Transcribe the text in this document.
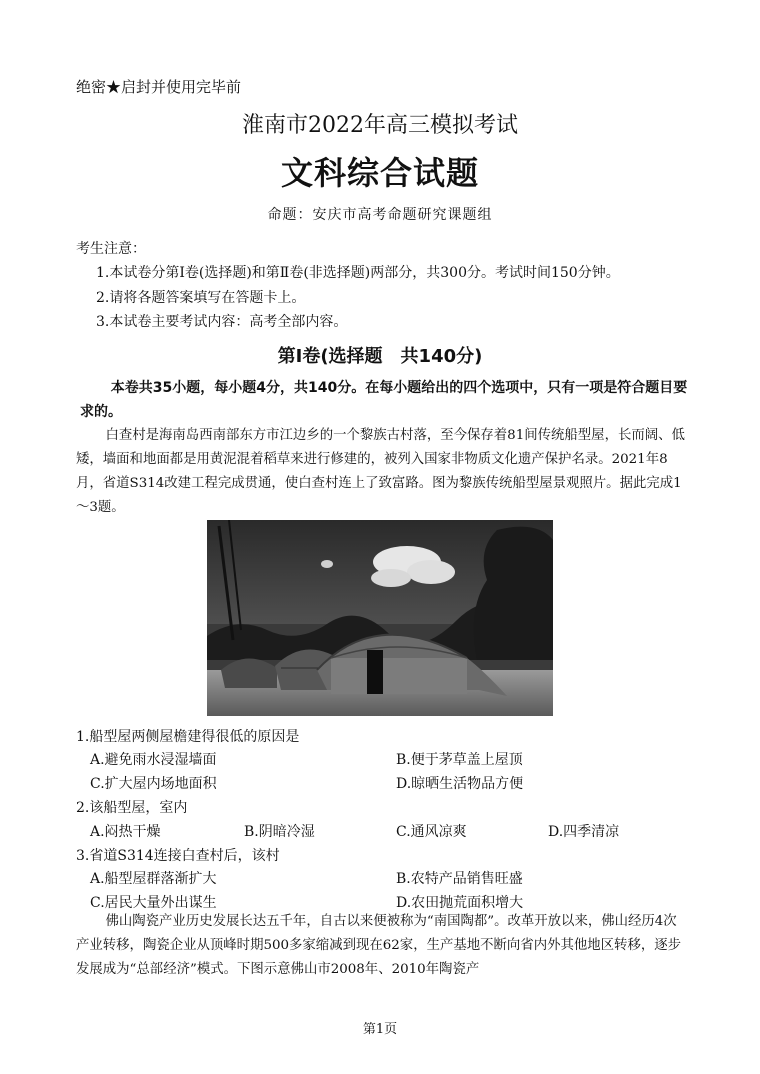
绝密★启封并使用完毕前
淮南市2022年高三模拟考试
文科综合试题
命题：安庆市高考命题研究课题组
考生注意：
1.本试卷分第Ⅰ卷(选择题)和第Ⅱ卷(非选择题)两部分，共300分。考试时间150分钟。
2.请将各题答案填写在答题卡上。
3.本试卷主要考试内容：高考全部内容。
第Ⅰ卷(选择题　共140分)
本卷共35小题，每小题4分，共140分。在每小题给出的四个选项中，只有一项是符合题目要求的。
白查村是海南岛西南部东方市江边乡的一个黎族古村落，至今保存着81间传统船型屋，长而阔、低矮，墙面和地面都是用黄泥混着稻草来进行修建的，被列入国家非物质文化遗产保护名录。2021年8月，省道S314改建工程完成贯通，使白查村连上了致富路。图为黎族传统船型屋景观照片。据此完成1～3题。
1.船型屋两侧屋檐建得很低的原因是
A.避免雨水浸湿墙面	B.便于茅草盖上屋顶
C.扩大屋内场地面积	D.晾晒生活物品方便
2.该船型屋，室内
A.闷热干燥	B.阴暗冷湿	C.通风凉爽	D.四季清凉
3.省道S314连接白查村后，该村
A.船型屋群落渐扩大	B.农特产品销售旺盛
C.居民大量外出谋生	D.农田抛荒面积增大
佛山陶瓷产业历史发展长达五千年，自古以来便被称为“南国陶都”。改革开放以来，佛山经历4次产业转移，陶瓷企业从顶峰时期500多家缩减到现在62家，生产基地不断向省内外其他地区转移，逐步发展成为“总部经济”模式。下图示意佛山市2008年、2010年陶瓷产
第1页
